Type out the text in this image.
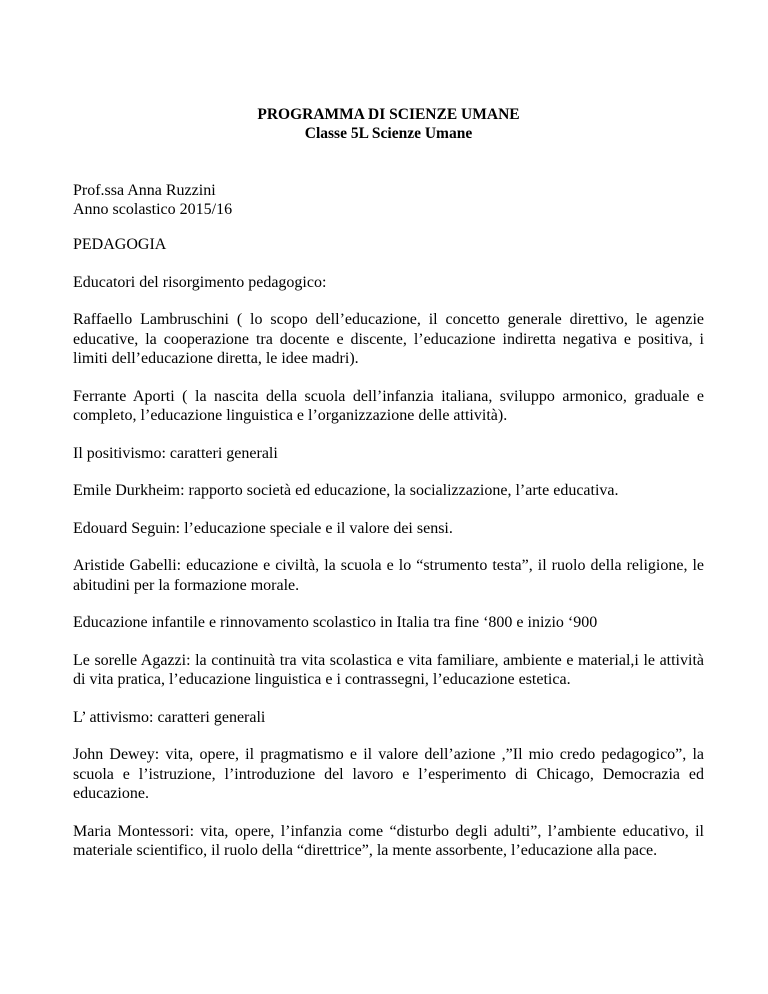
PROGRAMMA DI SCIENZE UMANE
Classe 5L Scienze Umane
Prof.ssa Anna Ruzzini
Anno scolastico 2015/16

PEDAGOGIA

Educatori del risorgimento pedagogico:

Raffaello Lambruschini ( lo scopo dell’educazione, il concetto generale direttivo, le agenzie educative, la cooperazione tra docente e discente, l’educazione indiretta negativa e positiva, i limiti dell’educazione diretta, le idee madri).

Ferrante Aporti ( la nascita della scuola dell’infanzia italiana, sviluppo armonico, graduale e completo, l’educazione linguistica e l’organizzazione delle attività).

Il positivismo: caratteri generali

Emile Durkheim: rapporto società ed educazione, la socializzazione, l’arte educativa.

Edouard Seguin: l’educazione speciale e il valore dei sensi.

Aristide Gabelli: educazione e civiltà, la scuola e lo “strumento testa”, il ruolo della religione, le abitudini per la formazione morale.

Educazione infantile e rinnovamento scolastico in Italia tra fine ‘800 e inizio ‘900

Le sorelle Agazzi: la continuità tra vita scolastica e vita familiare, ambiente e material,i le attività di vita pratica, l’educazione linguistica e i contrassegni, l’educazione estetica.

L’ attivismo: caratteri generali

John Dewey: vita, opere, il pragmatismo e il valore dell’azione ,”Il mio credo pedagogico”, la scuola e l’istruzione, l’introduzione del lavoro e l’esperimento di Chicago, Democrazia ed educazione.

Maria Montessori: vita, opere, l’infanzia come “disturbo degli adulti”, l’ambiente educativo, il materiale scientifico, il ruolo della “direttrice”, la mente assorbente, l’educazione alla pace.
